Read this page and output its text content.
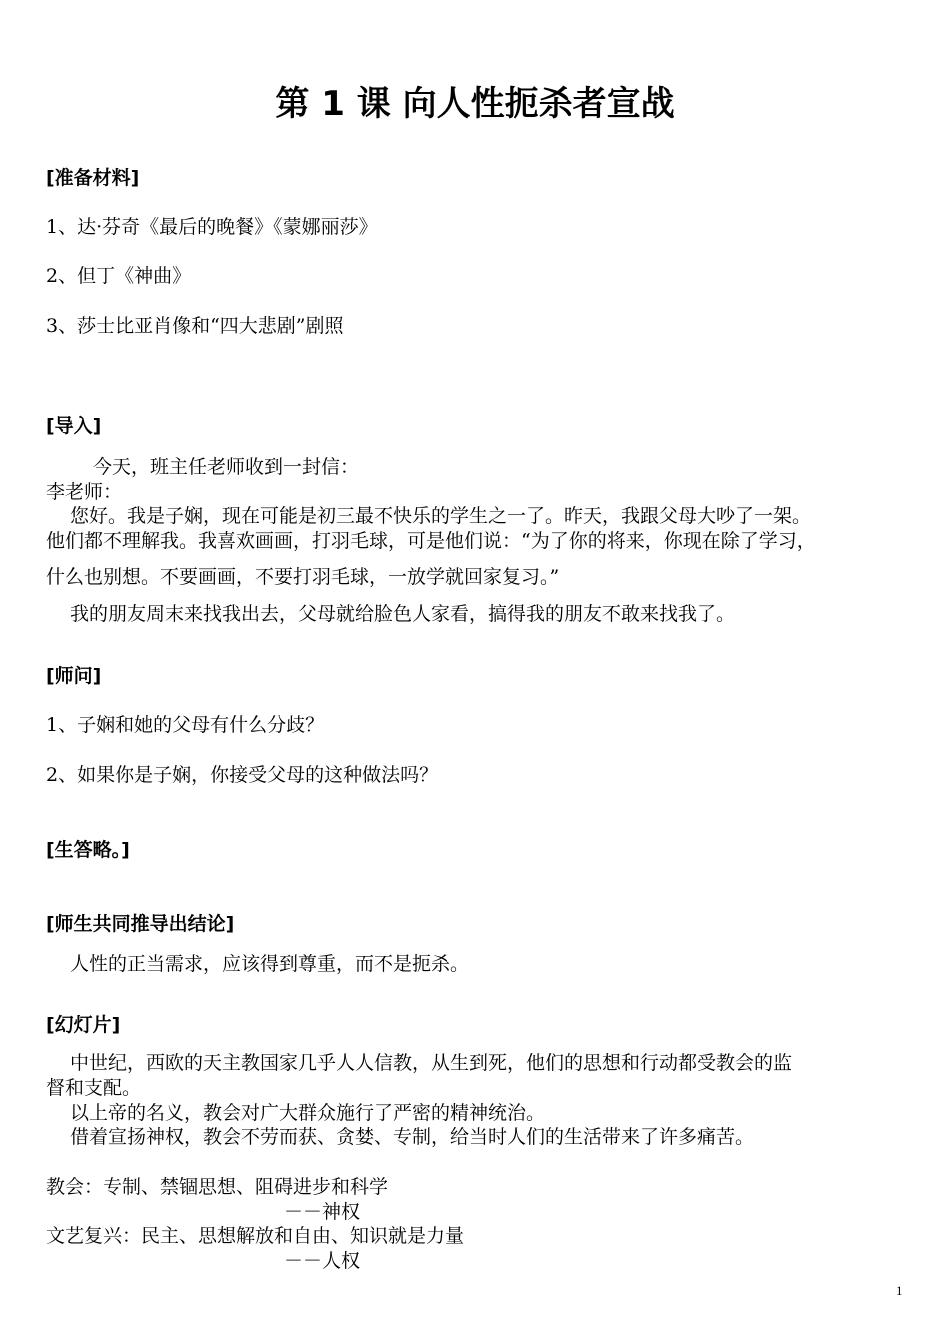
第 1 课 向人性扼杀者宣战
[准备材料]
1、达·芬奇《最后的晚餐》《蒙娜丽莎》
2、但丁《神曲》
3、莎士比亚肖像和“四大悲剧”剧照
[导入]
今天，班主任老师收到一封信：
李老师：
您好。我是子娴，现在可能是初三最不快乐的学生之一了。昨天，我跟父母大吵了一架。
他们都不理解我。我喜欢画画，打羽毛球，可是他们说：“为了你的将来，你现在除了学习，
什么也别想。不要画画，不要打羽毛球，一放学就回家复习。”
我的朋友周末来找我出去，父母就给脸色人家看，搞得我的朋友不敢来找我了。
[师问]
1、子娴和她的父母有什么分歧？
2、如果你是子娴，你接受父母的这种做法吗？
[生答略。]
[师生共同推导出结论]
人性的正当需求，应该得到尊重，而不是扼杀。
[幻灯片]
中世纪，西欧的天主教国家几乎人人信教，从生到死，他们的思想和行动都受教会的监
督和支配。
以上帝的名义，教会对广大群众施行了严密的精神统治。
借着宣扬神权，教会不劳而获、贪婪、专制，给当时人们的生活带来了许多痛苦。
教会：专制、禁锢思想、阻碍进步和科学
－－神权
文艺复兴：民主、思想解放和自由、知识就是力量
－－人权
1
